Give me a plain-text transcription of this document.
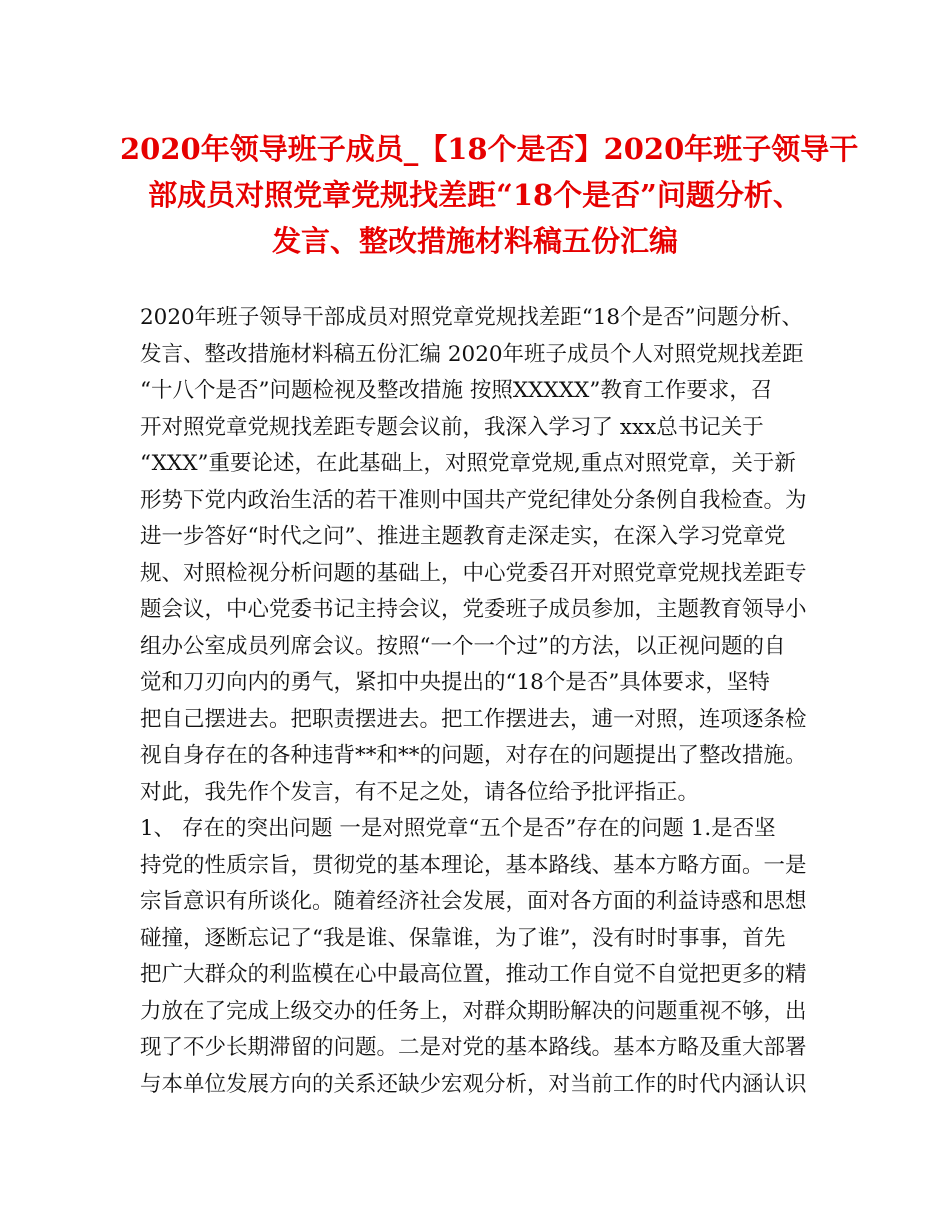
2020年领导班子成员_【18个是否】2020年班子领导干
部成员对照党章党规找差距“18个是否”问题分析、
发言、整改措施材料稿五份汇编
2020年班子领导干部成员对照党章党规找差距“18个是否”问题分析、
发言、整改措施材料稿五份汇编 2020年班子成员个人对照党规找差距
“十八个是否”问题检视及整改措施 按照XXXXX”教育工作要求，召
开对照党章党规找差距专题会议前，我深入学习了 xxx总书记关于
“XXX”重要论述，在此基础上，对照党章党规,重点对照党章，关于新
形势下党内政治生活的若干准则中国共产党纪律处分条例自我检查。为
进一步答好“时代之问”、推进主题教育走深走实，在深入学习党章党
规、对照检视分析问题的基础上，中心党委召开对照党章党规找差距专
题会议，中心党委书记主持会议，党委班子成员参加，主题教育领导小
组办公室成员列席会议。按照“一个一个过”的方法，以正视问题的自
觉和刀刃向内的勇气，紧扣中央提出的“18个是否”具体要求，坚特
把自己摆进去。把职责摆进去。把工作摆进去，逋一对照，连项逐条检
视自身存在的各种违背**和**的问题，对存在的问题提出了整改措施。
对此，我先作个发言，有不足之处，请各位给予批评指正。
1、 存在的突出问题 一是对照党章“五个是否”存在的问题 1.是否坚
持党的性质宗旨，贯彻党的基本理论，基本路线、基本方略方面。一是
宗旨意识有所谈化。随着经济社会发展，面对各方面的利益诗惑和思想
碰撞，逐断忘记了“我是谁、保靠谁，为了谁”，没有时时事事，首先
把广大群众的利监模在心中最高位置，推动工作自觉不自觉把更多的精
力放在了完成上级交办的任务上，对群众期盼解决的问题重视不够，出
现了不少长期滞留的问题。二是对党的基本路线。基本方略及重大部署
与本单位发展方向的关系还缺少宏观分析，对当前工作的时代内涵认识
